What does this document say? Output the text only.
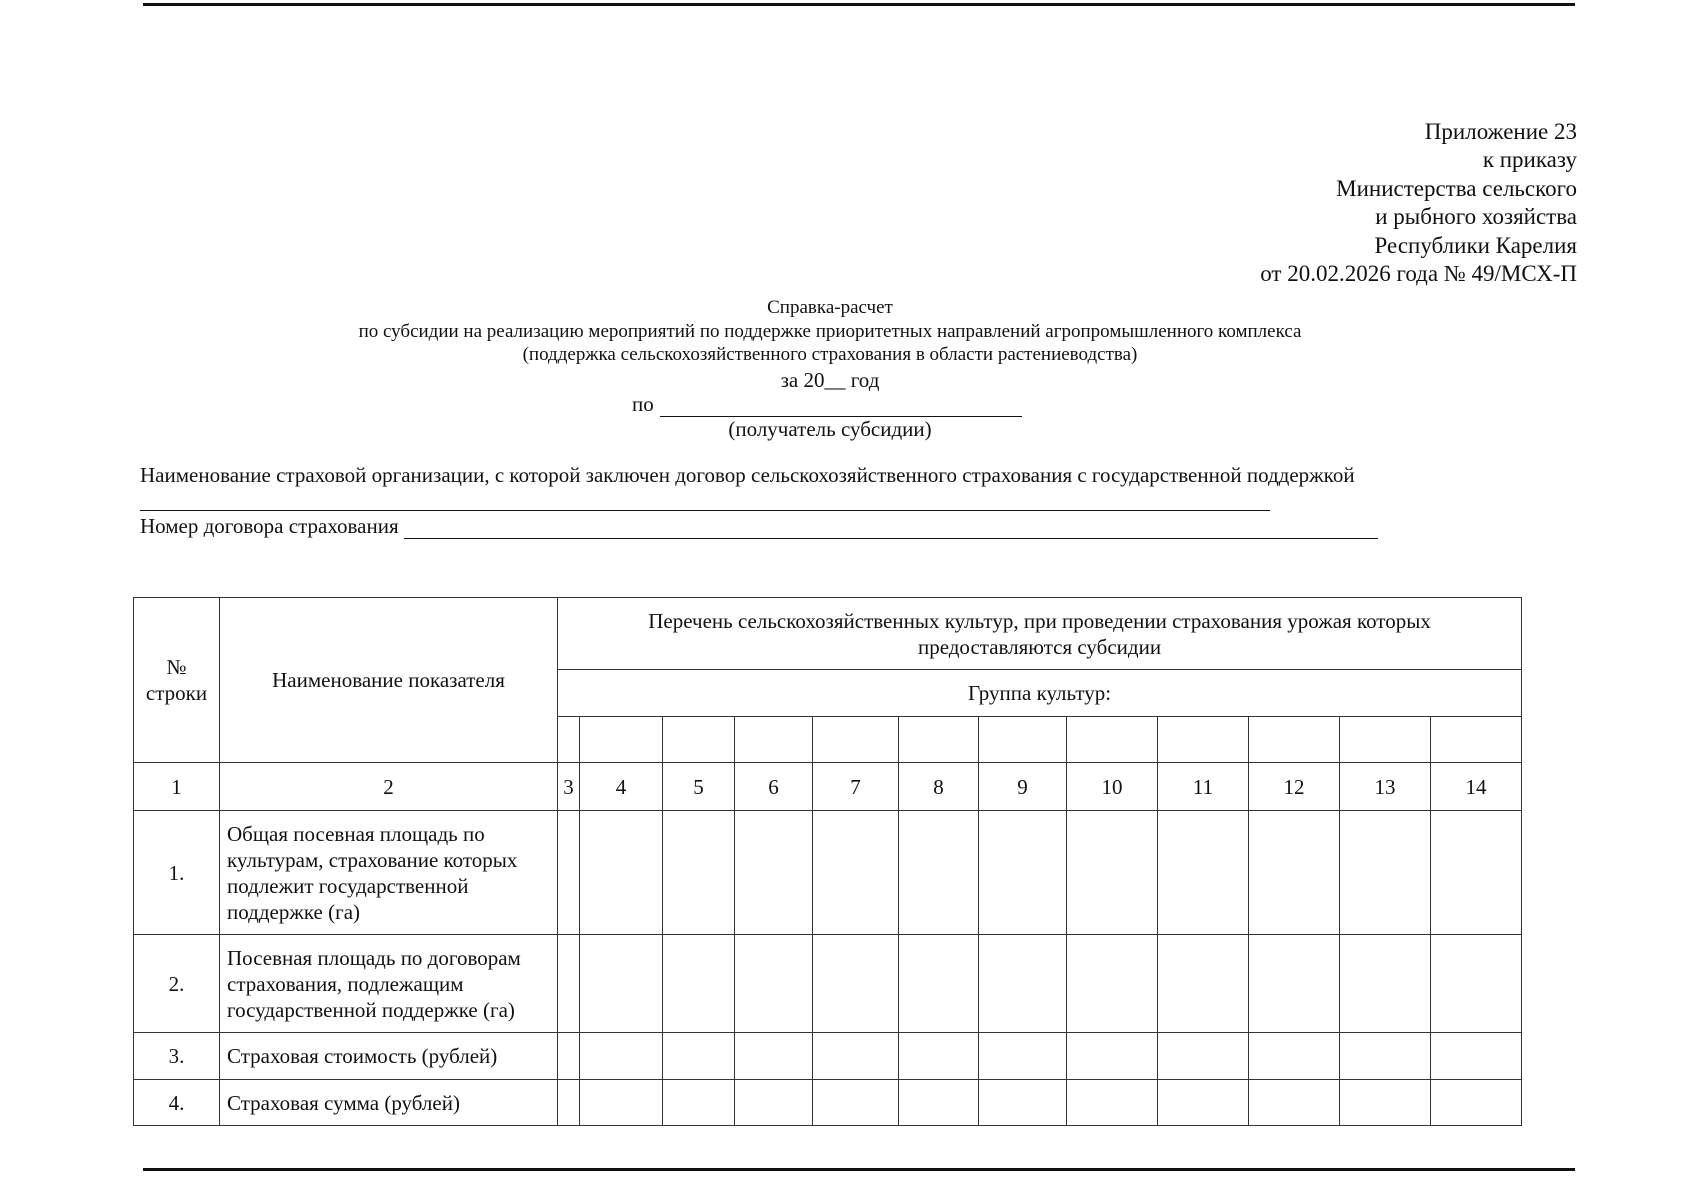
Приложение 23
к приказу
Министерства сельского
и рыбного хозяйства
Республики Карелия
от 20.02.2026 года № 49/МСХ-П
Справка-расчет
по субсидии на реализацию мероприятий по поддержке приоритетных направлений агропромышленного комплекса
(поддержка сельскохозяйственного страхования в области растениеводства)
за 20__ год
по
(получатель субсидии)
Наименование страховой организации, с которой заключен договор сельскохозяйственного страхования с государственной поддержкой
Номер договора страхования
№ строки	Наименование показателя	Перечень сельскохозяйственных культур, при проведении страхования урожая которых предоставляются субсидии											
		Группа культур:											

1	2	3	4	5	6	7	8	9	10	11	12	13	14
1.	Общая посевная площадь по культурам, страхование которых подлежит государственной поддержке (га)												
2.	Посевная площадь по договорам страхования, подлежащим государственной поддержке (га)												
3.	Страховая стоимость (рублей)												
4.	Страховая сумма (рублей)												
